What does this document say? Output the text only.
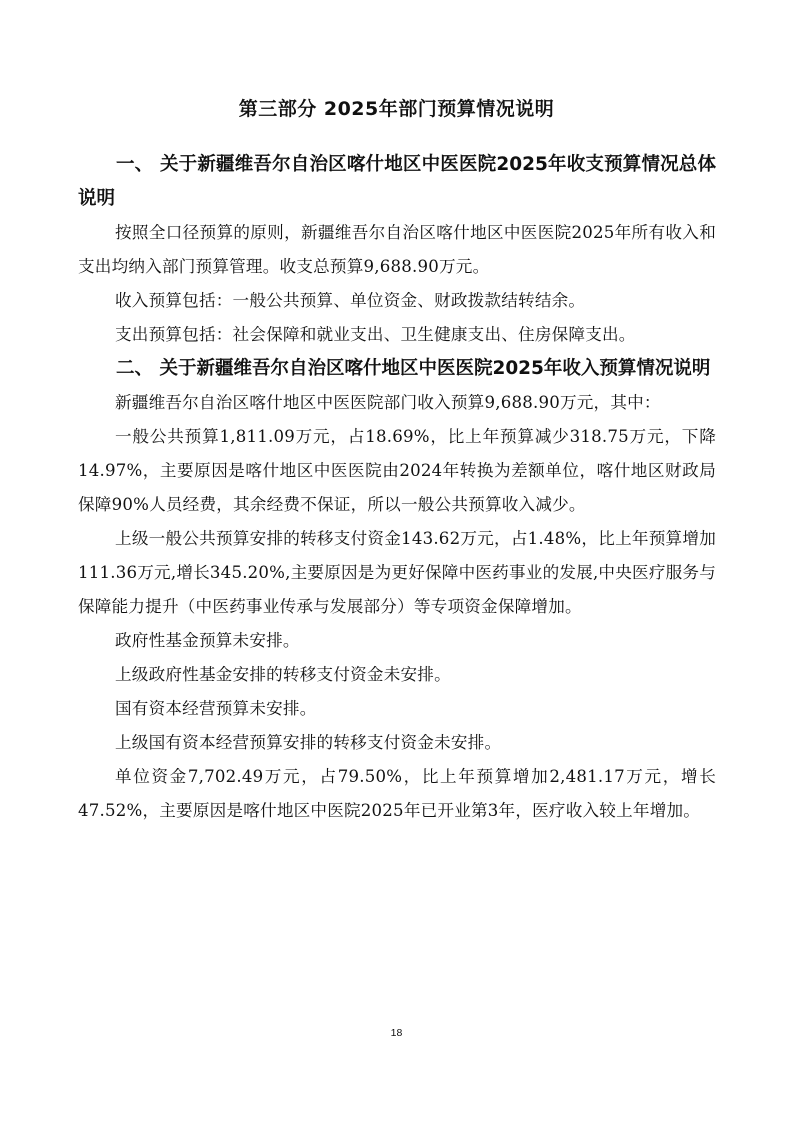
第三部分 2025年部门预算情况说明

一、 关于新疆维吾尔自治区喀什地区中医医院2025年收支预算情况总体说明

按照全口径预算的原则，新疆维吾尔自治区喀什地区中医医院2025年所有收入和支出均纳入部门预算管理。收支总预算9,688.90万元。

收入预算包括：一般公共预算、单位资金、财政拨款结转结余。

支出预算包括：社会保障和就业支出、卫生健康支出、住房保障支出。

二、 关于新疆维吾尔自治区喀什地区中医医院2025年收入预算情况说明

新疆维吾尔自治区喀什地区中医医院部门收入预算9,688.90万元，其中：

一般公共预算1,811.09万元，占18.69%，比上年预算减少318.75万元，下降14.97%，主要原因是喀什地区中医医院由2024年转换为差额单位，喀什地区财政局保障90%人员经费，其余经费不保证，所以一般公共预算收入减少。

上级一般公共预算安排的转移支付资金143.62万元，占1.48%，比上年预算增加111.36万元,增长345.20%,主要原因是为更好保障中医药事业的发展,中央医疗服务与保障能力提升（中医药事业传承与发展部分）等专项资金保障增加。

政府性基金预算未安排。

上级政府性基金安排的转移支付资金未安排。

国有资本经营预算未安排。

上级国有资本经营预算安排的转移支付资金未安排。

单位资金7,702.49万元，占79.50%，比上年预算增加2,481.17万元，增长47.52%，主要原因是喀什地区中医院2025年已开业第3年，医疗收入较上年增加。

18
